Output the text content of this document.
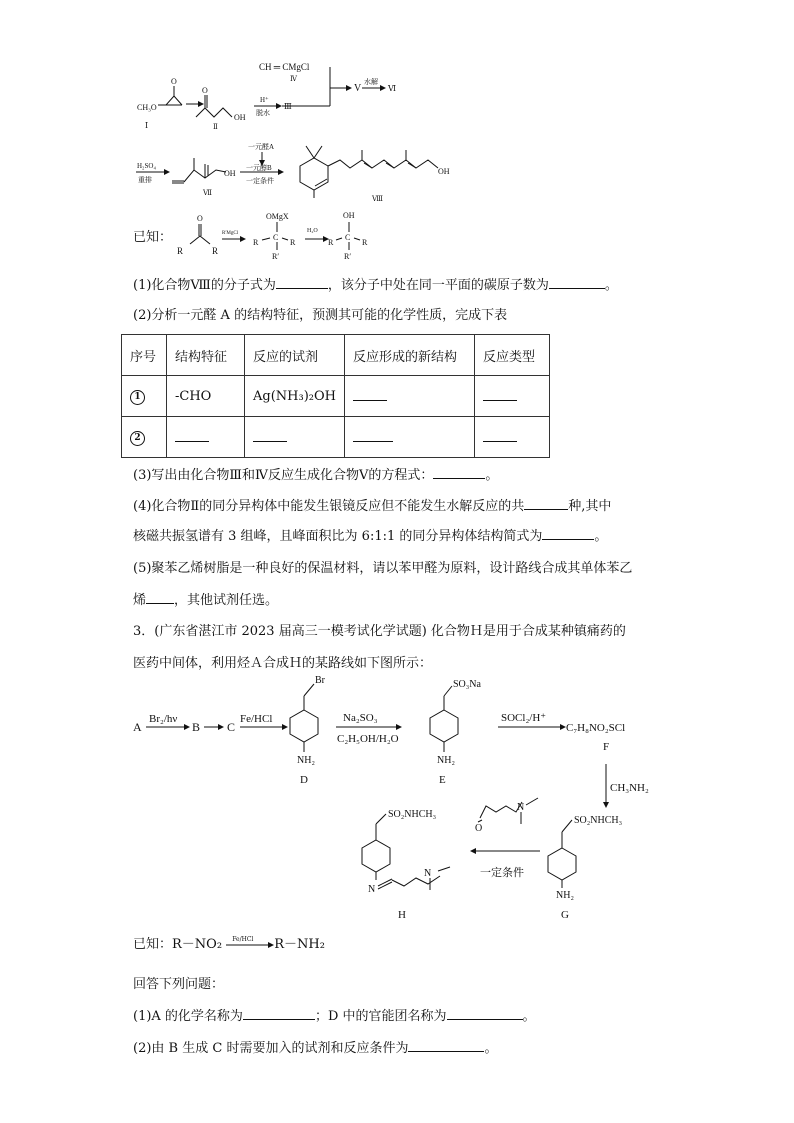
CH ═ CMgCl
Ⅳ
V
水解
Ⅵ
CH₃O
O
Ⅰ
O
OH
Ⅱ
H⁺
脱水
Ⅲ
H₂SO₄
重排
OH
Ⅶ
一元醛A
一元醇B
一定条件
OH
Ⅷ
已知：
O
R	R
R′MgCl
OMgX
C
R	R
R′
H₂O
OH
C
R	R
R′
(1)化合物Ⅷ的分子式为	，该分子中处在同一平面的碳原子数为	。
(2)分析一元醛 A 的结构特征，预测其可能的化学性质，完成下表
序号	结构特征	反应的试剂	反应形成的新结构	反应类型
1	-CHO	Ag(NH₃)₂OH		
2				
(3)写出由化合物Ⅲ和Ⅳ反应生成化合物Ⅴ的方程式：	。
(4)化合物Ⅱ的同分异构体中能发生银镜反应但不能发生水解反应的共	种,其中
核磁共振氢谱有 3 组峰，且峰面积比为 6:1:1 的同分异构体结构简式为	。
(5)聚苯乙烯树脂是一种良好的保温材料，请以苯甲醛为原料，设计路线合成其单体苯乙
烯 ，其他试剂任选。
3．(广东省湛江市 2023 届高三一模考试化学试题) 化合物Ｈ是用于合成某种镇痛药的
医药中间体，利用烃Ａ合成Ｈ的某路线如下图所示：
A
Br₂/hν
B C
Fe/HCl
Br
NH₂
D
Na₂SO₃
C₂H₅OH/H₂O
SO₃Na
NH₂
E
SOCl₂/H⁺
C₇H₈NO₂SCl
F
CH₃NH₂
SO₂NHCH₃
NH₂
G
O
N
一定条件
SO₂NHCH₃
N
N
H
已知：R－NO₂ Fe/HCl R－NH₂
回答下列问题：
(1)A 的化学名称为	；D 中的官能团名称为	。
(2)由 B 生成 C 时需要加入的试剂和反应条件为	。
